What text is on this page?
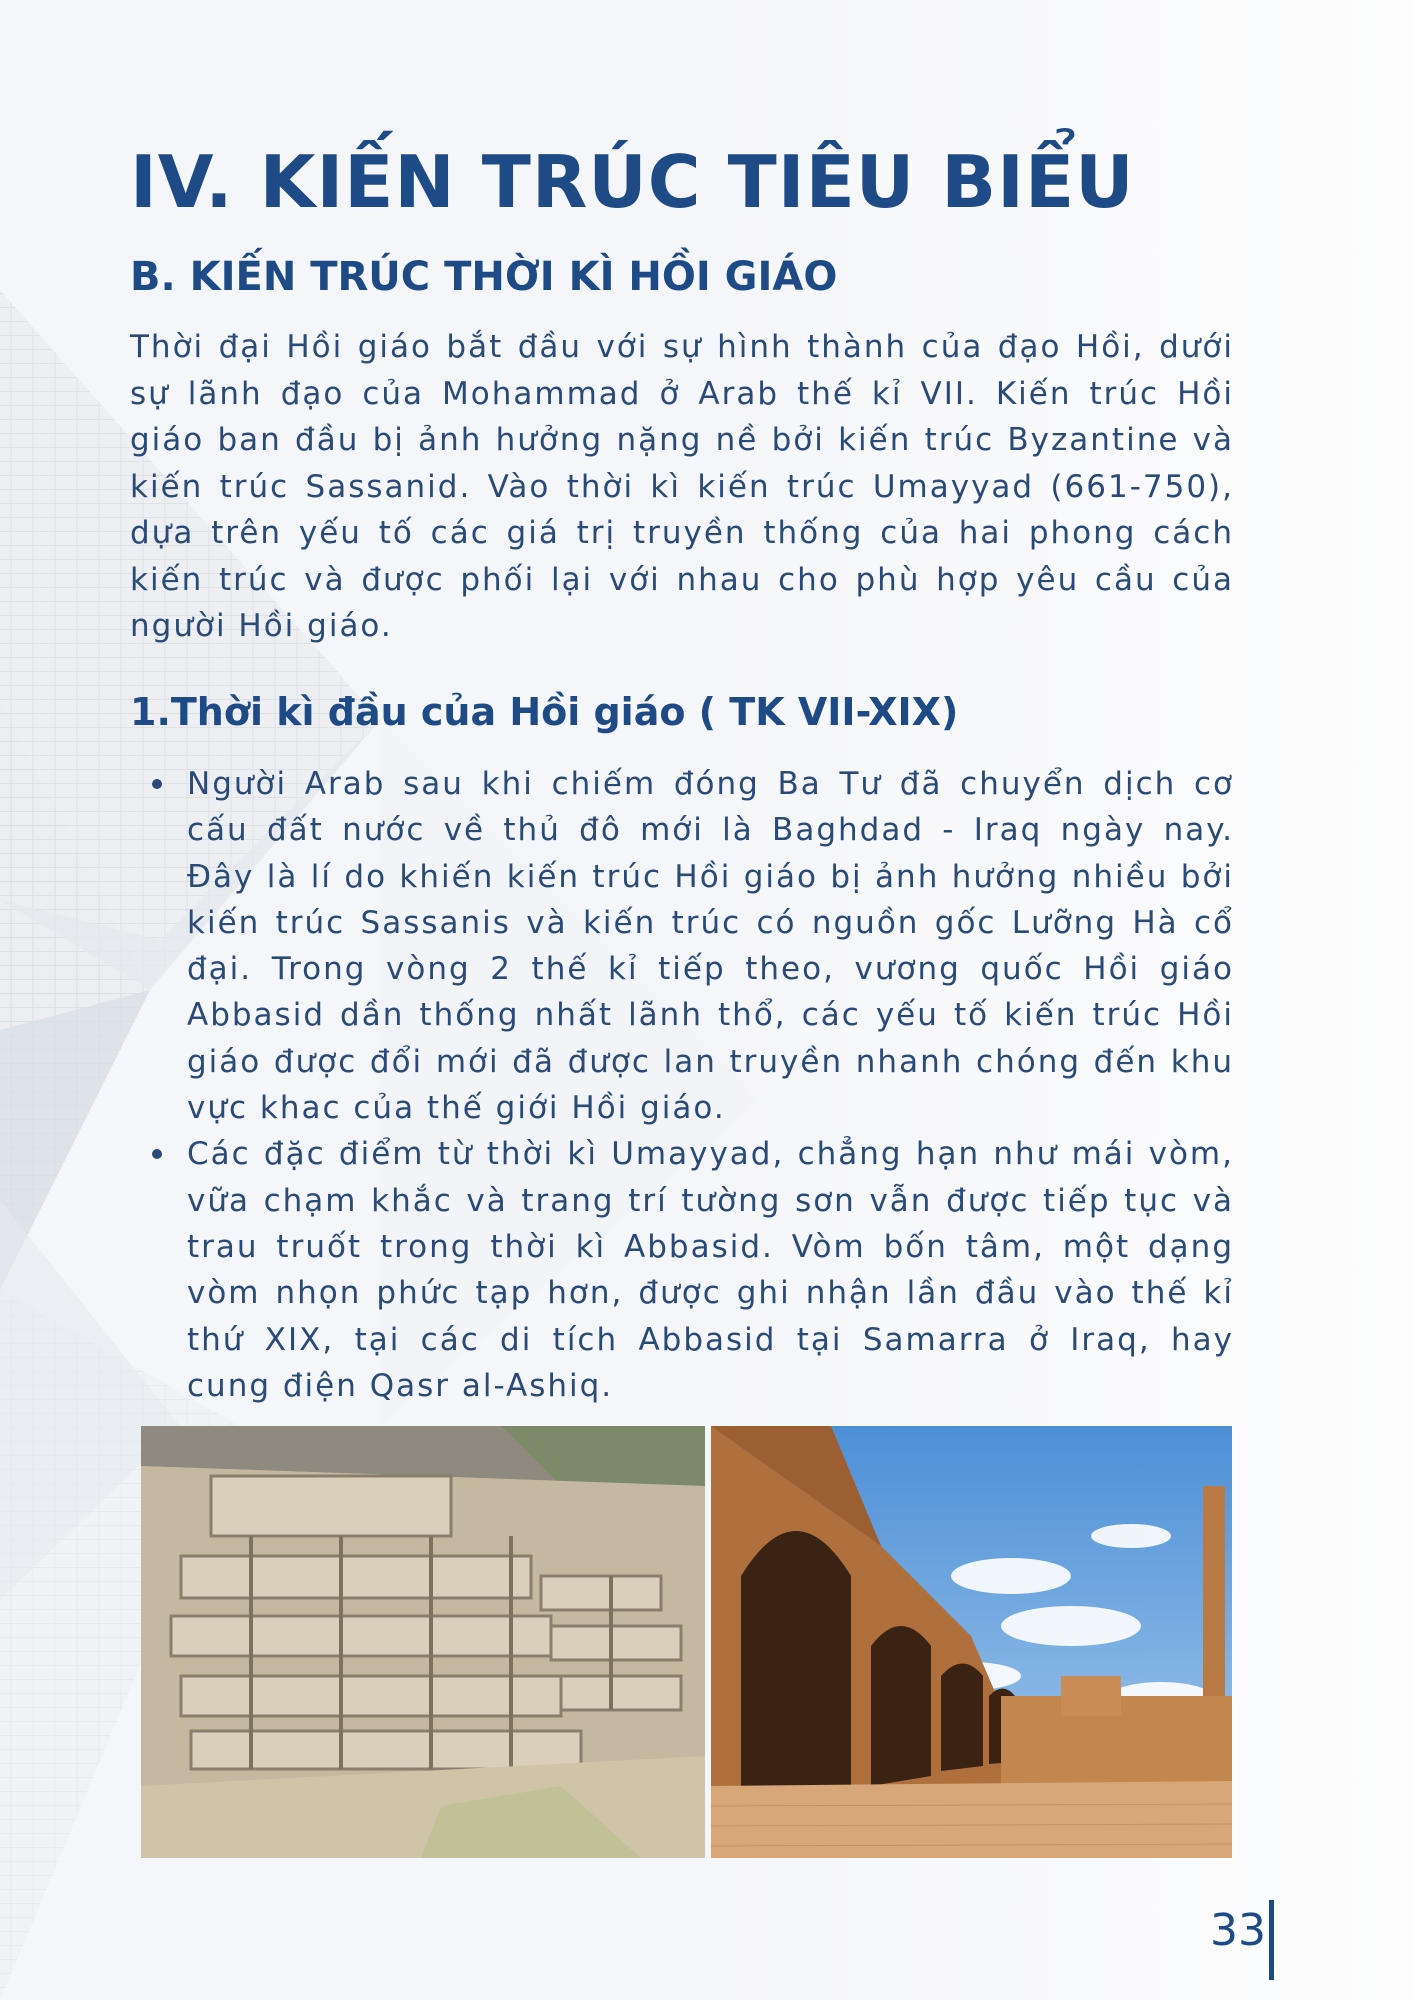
IV. KIẾN TRÚC TIÊU BIỂU
B. KIẾN TRÚC THỜI KÌ HỒI GIÁO

Thời đại Hồi giáo bắt đầu với sự hình thành của đạo Hồi, dưới sự lãnh đạo của Mohammad ở Arab thế kỉ VII. Kiến trúc Hồi giáo ban đầu bị ảnh hưởng nặng nề bởi kiến trúc Byzantine và kiến trúc Sassanid. Vào thời kì kiến trúc Umayyad (661-750), dựa trên yếu tố các giá trị truyền thống của hai phong cách kiến trúc và được phối lại với nhau cho phù hợp yêu cầu của người Hồi giáo.

1.Thời kì đầu của Hồi giáo ( TK VII-XIX)
Người Arab sau khi chiếm đóng Ba Tư đã chuyển dịch cơ cấu đất nước về thủ đô mới là Baghdad - Iraq ngày nay. Đây là lí do khiến kiến trúc Hồi giáo bị ảnh hưởng nhiều bởi kiến trúc Sassanis và kiến trúc có nguồn gốc Lưỡng Hà cổ đại. Trong vòng 2 thế kỉ tiếp theo, vương quốc Hồi giáo Abbasid dần thống nhất lãnh thổ, các yếu tố kiến trúc Hồi giáo được đổi mới đã được lan truyền nhanh chóng đến khu vực khac của thế giới Hồi giáo.
Các đặc điểm từ thời kì Umayyad, chẳng hạn như mái vòm, vữa chạm khắc và trang trí tường sơn vẫn được tiếp tục và trau truốt trong thời kì Abbasid. Vòm bốn tâm, một dạng vòm nhọn phức tạp hơn, được ghi nhận lần đầu vào thế kỉ thứ XIX, tại các di tích Abbasid tại Samarra ở Iraq, hay cung điện Qasr al-Ashiq.
33
